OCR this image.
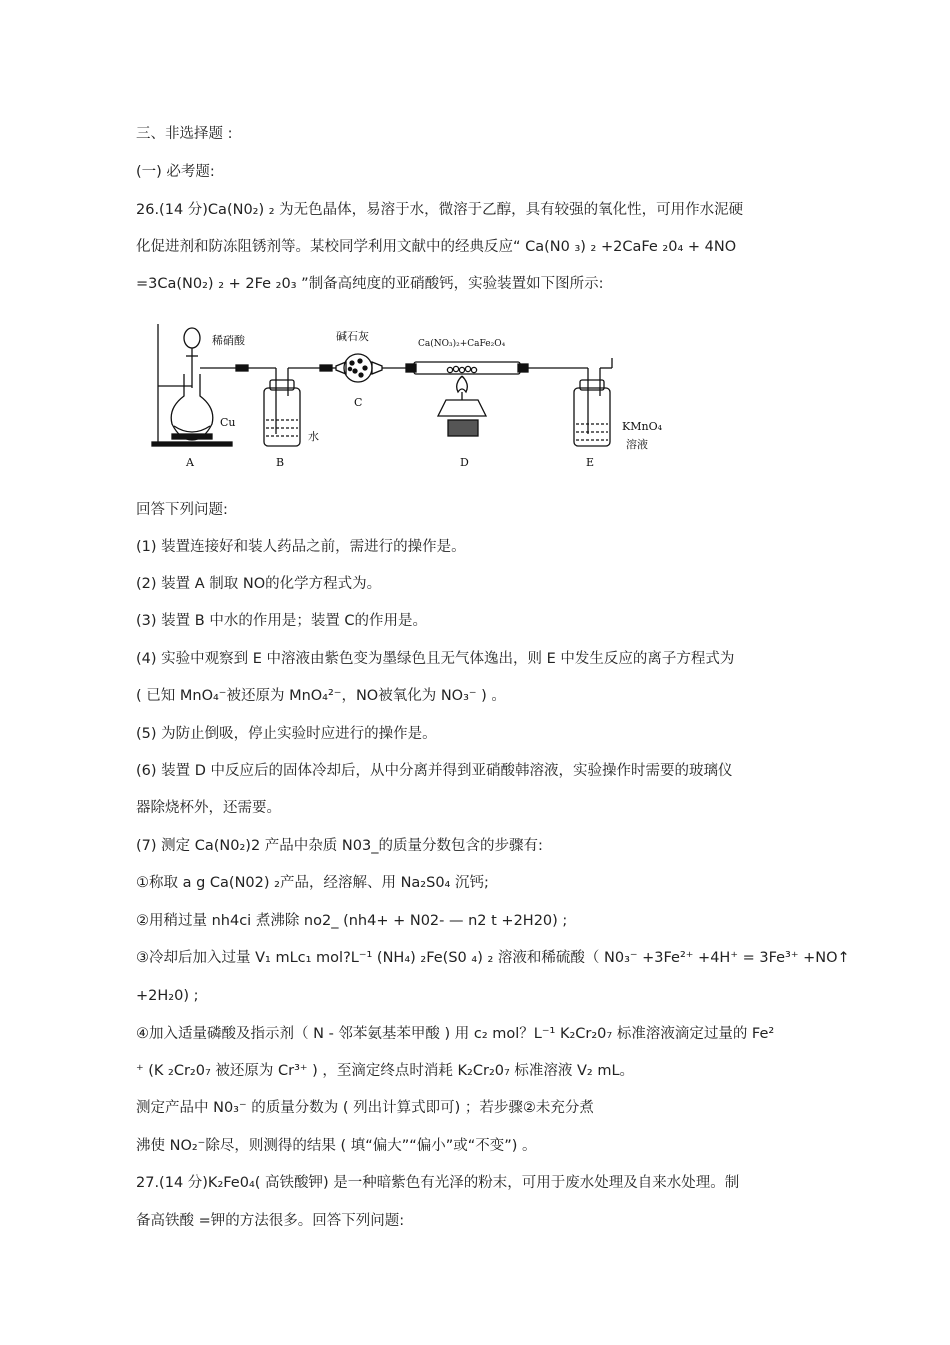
三、非选择题 :
(一) 必考题:
26.(14 分)Ca(N0₂) ₂ 为无色晶体，易溶于水，微溶于乙醇，具有较强的氧化性，可用作水泥硬
化促进剂和防冻阻锈剂等。某校同学利用文献中的经典反应“ Ca(N0 ₃) ₂ +2CaFe ₂0₄ + 4NO
=3Ca(N0₂) ₂ + 2Fe ₂0₃ ”制备高纯度的亚硝酸钙，实验装置如下图所示:
稀硝酸
Cu
A
水
B
碱石灰
C
Ca(NO₃)₂+CaFe₂O₄
D
KMnO₄
溶液
E
回答下列问题:
(1) 装置连接好和装人药品之前，需进行的操作是。
(2) 装置 A 制取 NO的化学方程式为。
(3) 装置 B 中水的作用是；装置 C的作用是。
(4) 实验中观察到 E 中溶液由紫色变为墨绿色且无气体逸出，则 E 中发生反应的离子方程式为
( 已知 MnO₄⁻被还原为 MnO₄²⁻，NO被氧化为 NO₃⁻ ) 。
(5) 为防止倒吸，停止实验时应进行的操作是。
(6) 装置 D 中反应后的固体冷却后，从中分离并得到亚硝酸韩溶液，实验操作时需要的玻璃仪
器除烧杯外，还需要。
(7) 测定 Ca(N0₂)2 产品中杂质 N03_的质量分数包含的步骤有:
①称取 a g Ca(N02) ₂产品，经溶解、用 Na₂S0₄ 沉钙;
②用稍过量 nh4ci 煮沸除 no2_ (nh4+ + N02- — n2 t +2H20) ;
③冷却后加入过量 V₁ mLc₁ mol?L⁻¹ (NH₄) ₂Fe(S0 ₄) ₂ 溶液和稀硫酸（ N0₃⁻ +3Fe²⁺ +4H⁺ = 3Fe³⁺ +NO↑
+2H₂0) ;
④加入适量磷酸及指示剂（ N - 邻苯氨基苯甲酸 ) 用 c₂ mol？L⁻¹ K₂Cr₂0₇ 标准溶液滴定过量的 Fe²
⁺ (K ₂Cr₂0₇ 被还原为 Cr³⁺ ) ，至滴定终点时消耗 K₂Cr₂0₇ 标准溶液 V₂ mL。
测定产品中 N0₃⁻ 的质量分数为 ( 列出计算式即可) ；若步骤②未充分煮
沸使 NO₂⁻除尽，则测得的结果 ( 填“偏大”“偏小”或“不变”) 。
27.(14 分)K₂Fe0₄( 高铁酸钾) 是一种暗紫色有光泽的粉末，可用于废水处理及自来水处理。制
备高铁酸 =钾的方法很多。回答下列问题:
